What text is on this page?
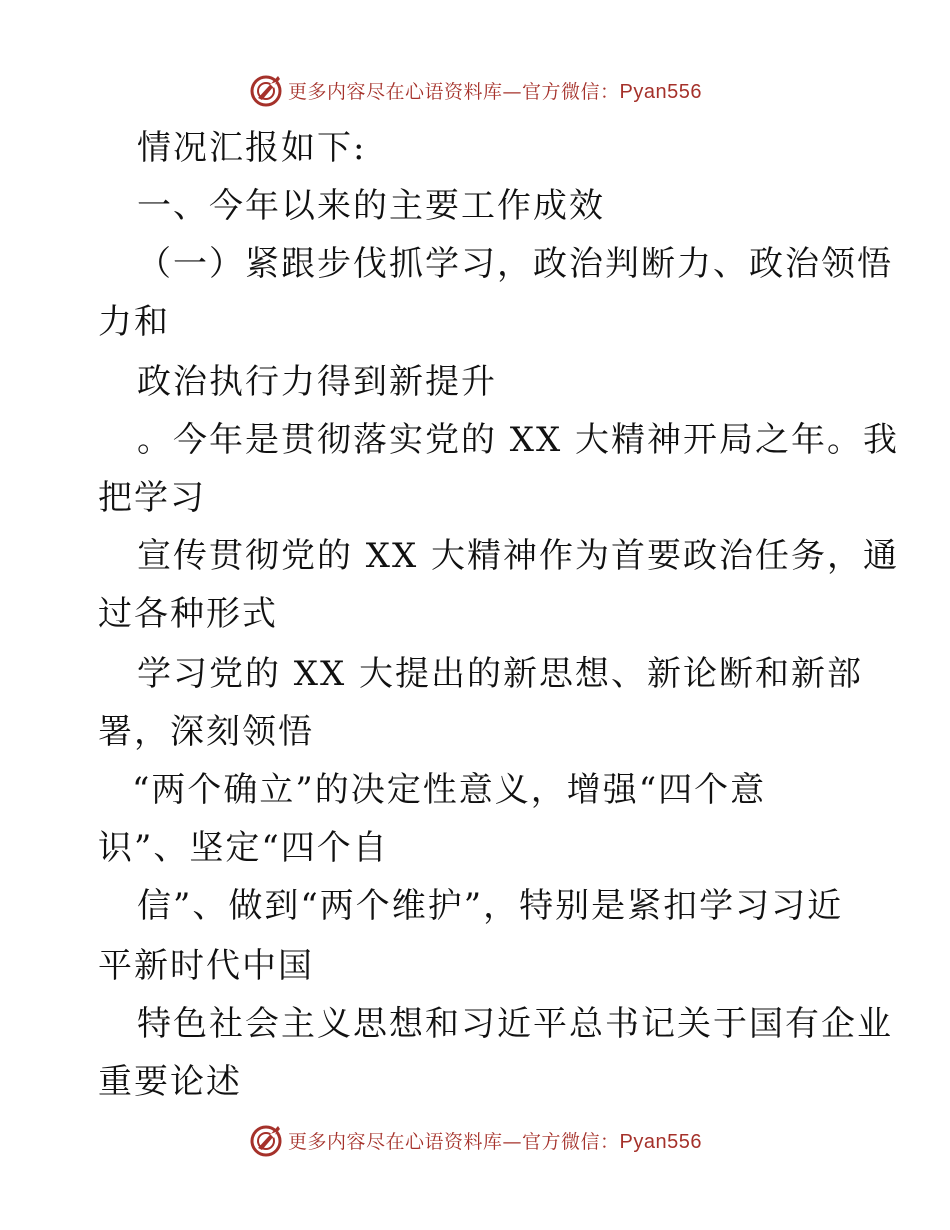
更多内容尽在心语资料库—官方微信：Pyan556
情况汇报如下:
一、今年以来的主要工作成效
（一）紧跟步伐抓学习，政治判断力、政治领悟
力和
政治执行力得到新提升
。今年是贯彻落实党的 XX 大精神开局之年。我
把学习
宣传贯彻党的 XX 大精神作为首要政治任务，通
过各种形式
学习党的 XX 大提出的新思想、新论断和新部
署，深刻领悟
“两个确立”的决定性意义，增强“四个意
识”、坚定“四个自
信”、做到“两个维护”，特别是紧扣学习习近
平新时代中国
特色社会主义思想和习近平总书记关于国有企业
重要论述
更多内容尽在心语资料库—官方微信：Pyan556
